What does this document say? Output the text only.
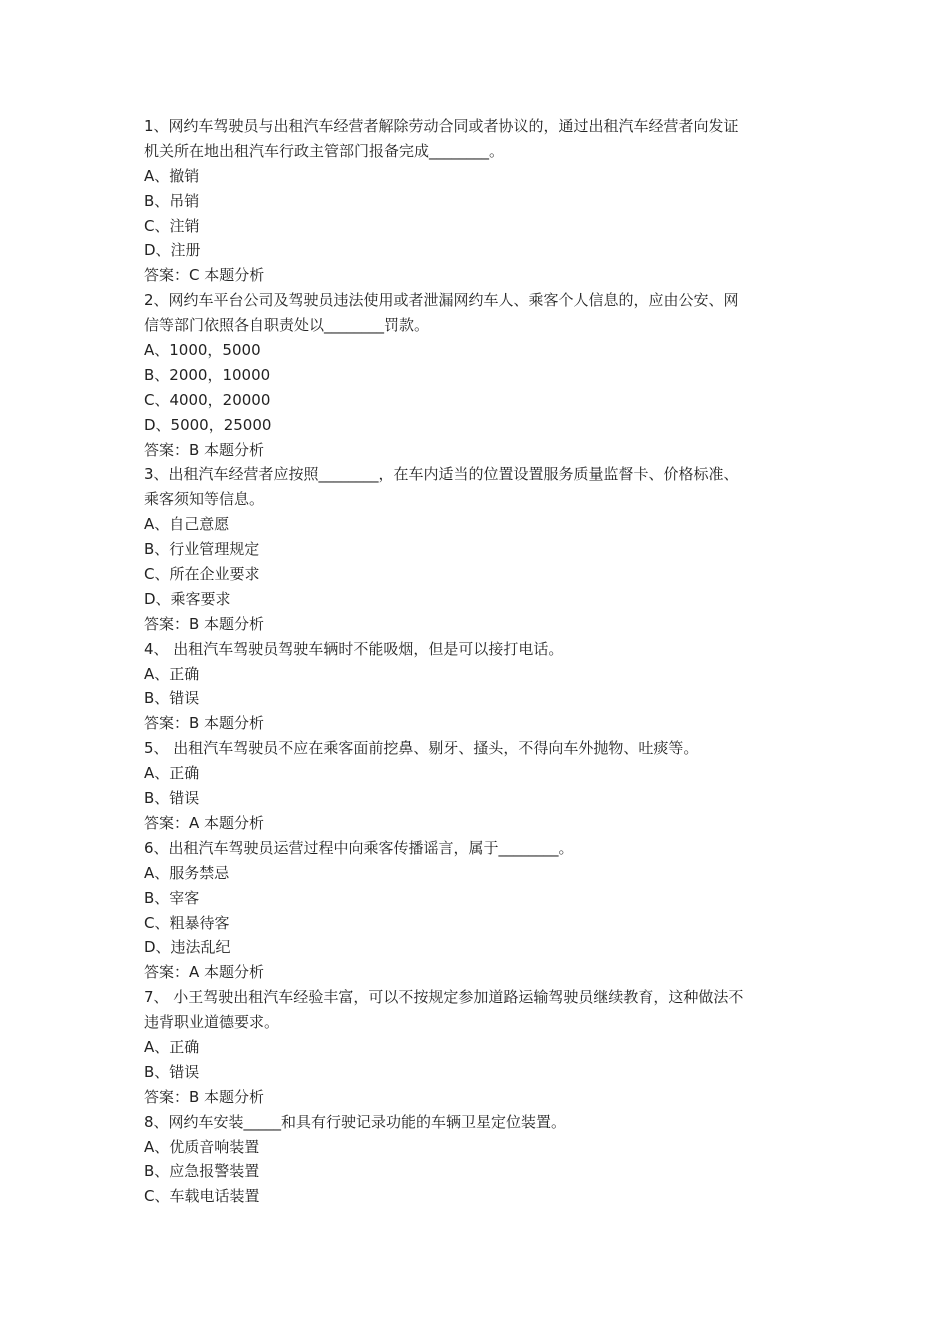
1、网约车驾驶员与出租汽车经营者解除劳动合同或者协议的，通过出租汽车经营者向发证
机关所在地出租汽车行政主管部门报备完成________。
A、撤销
B、吊销
C、注销
D、注册
答案：C 本题分析
2、网约车平台公司及驾驶员违法使用或者泄漏网约车人、乘客个人信息的，应由公安、网
信等部门依照各自职责处以________罚款。
A、1000，5000
B、2000，10000
C、4000，20000
D、5000，25000
答案：B 本题分析
3、出租汽车经营者应按照________，在车内适当的位置设置服务质量监督卡、价格标准、
乘客须知等信息。
A、自己意愿
B、行业管理规定
C、所在企业要求
D、乘客要求
答案：B 本题分析
4、 出租汽车驾驶员驾驶车辆时不能吸烟，但是可以接打电话。
A、正确
B、错误
答案：B 本题分析
5、 出租汽车驾驶员不应在乘客面前挖鼻、剔牙、搔头，不得向车外抛物、吐痰等。
A、正确
B、错误
答案：A 本题分析
6、出租汽车驾驶员运营过程中向乘客传播谣言，属于________。
A、服务禁忌
B、宰客
C、粗暴待客
D、违法乱纪
答案：A 本题分析
7、 小王驾驶出租汽车经验丰富，可以不按规定参加道路运输驾驶员继续教育，这种做法不
违背职业道德要求。
A、正确
B、错误
答案：B 本题分析
8、网约车安装_____和具有行驶记录功能的车辆卫星定位装置。
A、优质音响装置
B、应急报警装置
C、车载电话装置
